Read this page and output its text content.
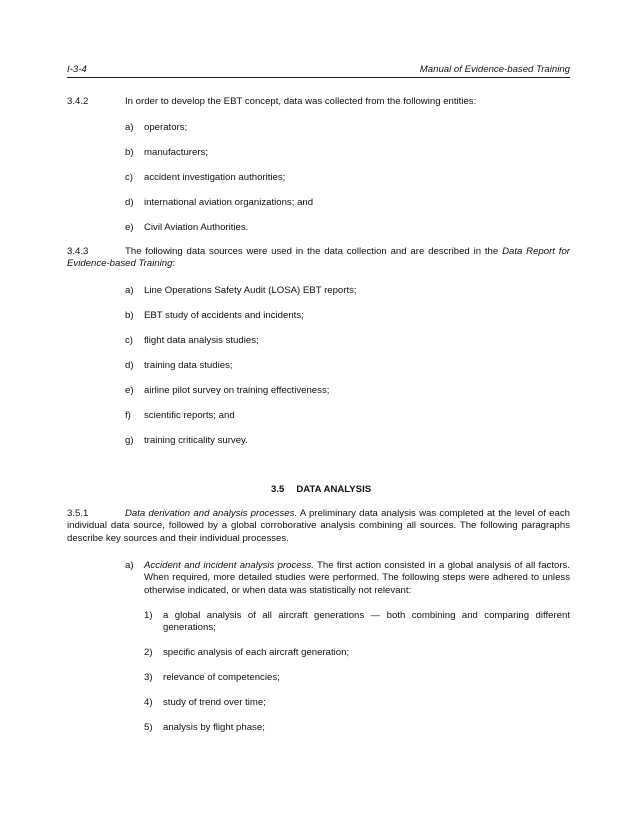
I-3-4	Manual of Evidence-based Training
3.4.2	In order to develop the EBT concept, data was collected from the following entities:
a) operators;
b) manufacturers;
c) accident investigation authorities;
d) international aviation organizations; and
e) Civil Aviation Authorities.
3.4.3	The following data sources were used in the data collection and are described in the Data Report for Evidence-based Training:
a) Line Operations Safety Audit (LOSA) EBT reports;
b) EBT study of accidents and incidents;
c) flight data analysis studies;
d) training data studies;
e) airline pilot survey on training effectiveness;
f) scientific reports; and
g) training criticality survey.
3.5 DATA ANALYSIS
3.5.1	Data derivation and analysis processes. A preliminary data analysis was completed at the level of each individual data source, followed by a global corroborative analysis combining all sources. The following paragraphs describe key sources and their individual processes.
a) Accident and incident analysis process. The first action consisted in a global analysis of all factors. When required, more detailed studies were performed. The following steps were adhered to unless otherwise indicated, or when data was statistically not relevant:
1) a global analysis of all aircraft generations — both combining and comparing different generations;
2) specific analysis of each aircraft generation;
3) relevance of competencies;
4) study of trend over time;
5) analysis by flight phase;
